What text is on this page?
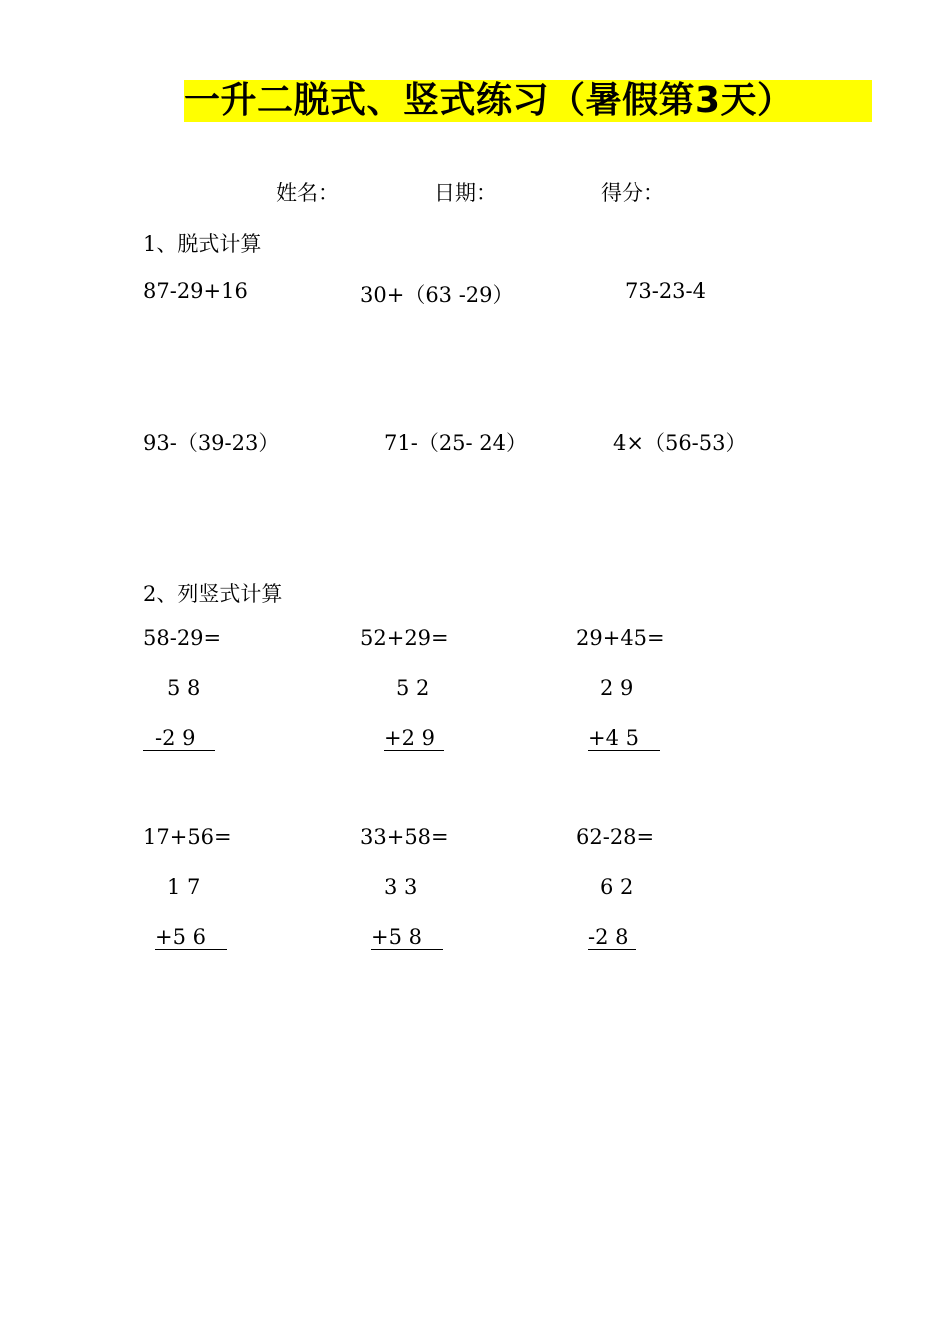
一升二脱式、竖式练习（暑假第3天）
姓名：	日期：	得分：
1、脱式计算
87-29+16	30+（63 -29）	73-23-4
93-（39-23）	71-（25- 24）	4×（56-53）
2、列竖式计算
58-29=
5 8
-2 9
52+29=
5 2
+2 9
29+45=
2 9
+4 5
17+56=
1 7
+5 6
33+58=
3 3
+5 8
62-28=
6 2
-2 8
